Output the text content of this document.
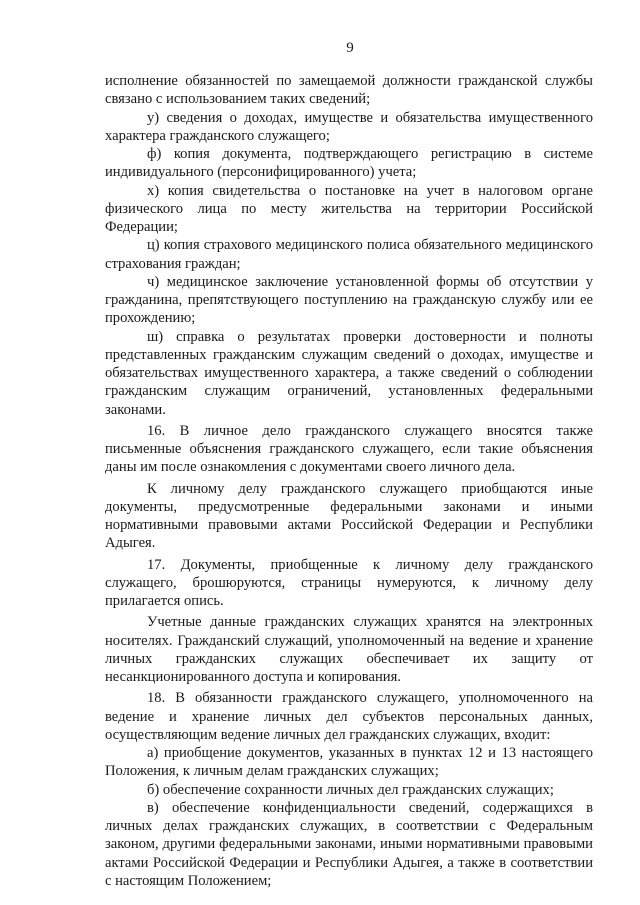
9

исполнение обязанностей по замещаемой должности гражданской службы связано с использованием таких сведений;

у) сведения о доходах, имуществе и обязательства имущественного характера гражданского служащего;

ф) копия документа, подтверждающего регистрацию в системе индивидуального (персонифицированного) учета;

х) копия свидетельства о постановке на учет в налоговом органе физического лица по месту жительства на территории Российской Федерации;

ц) копия страхового медицинского полиса обязательного медицинского страхования граждан;

ч) медицинское заключение установленной формы об отсутствии у гражданина, препятствующего поступлению на гражданскую службу или ее прохождению;

ш) справка о результатах проверки достоверности и полноты представленных гражданским служащим сведений о доходах, имуществе и обязательствах имущественного характера, а также сведений о соблюдении гражданским служащим ограничений, установленных федеральными законами.

16. В личное дело гражданского служащего вносятся также письменные объяснения гражданского служащего, если такие объяснения даны им после ознакомления с документами своего личного дела.

К личному делу гражданского служащего приобщаются иные документы, предусмотренные федеральными законами и иными нормативными правовыми актами Российской Федерации и Республики Адыгея.

17. Документы, приобщенные к личному делу гражданского служащего, брошюруются, страницы нумеруются, к личному делу прилагается опись.

Учетные данные гражданских служащих хранятся на электронных носителях. Гражданский служащий, уполномоченный на ведение и хранение личных гражданских служащих обеспечивает их защиту от несанкционированного доступа и копирования.

18. В обязанности гражданского служащего, уполномоченного на ведение и хранение личных дел субъектов персональных данных, осуществляющим ведение личных дел гражданских служащих, входит:

а) приобщение документов, указанных в пунктах 12 и 13 настоящего Положения, к личным делам гражданских служащих;

б) обеспечение сохранности личных дел гражданских служащих;

в) обеспечение конфиденциальности сведений, содержащихся в личных делах гражданских служащих, в соответствии с Федеральным законом, другими федеральными законами, иными нормативными правовыми актами Российской Федерации и Республики Адыгея, а также в соответствии с настоящим Положением;
